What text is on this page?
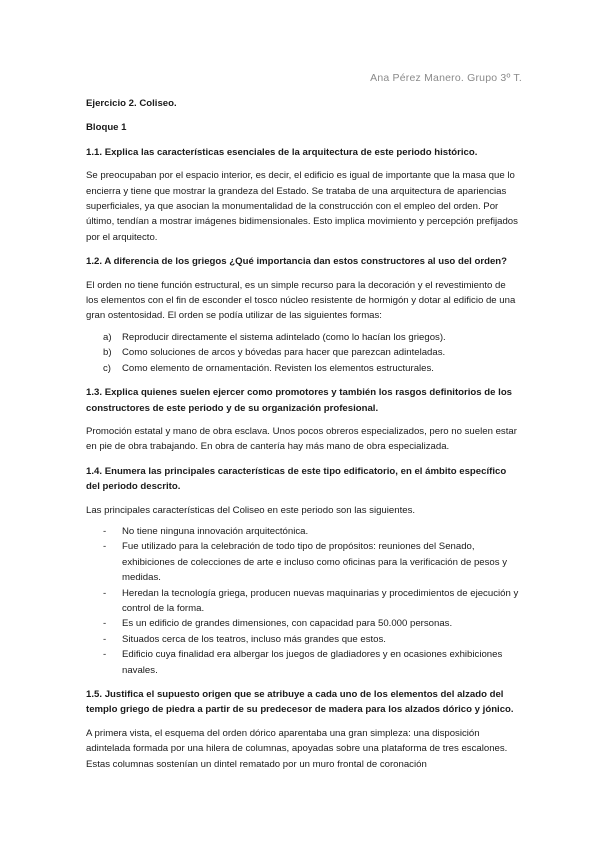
Ana Pérez Manero. Grupo 3º T.

Ejercicio 2. Coliseo.

Bloque 1

1.1. Explica las características esenciales de la arquitectura de este periodo histórico.

Se preocupaban por el espacio interior, es decir, el edificio es igual de importante que la masa que lo encierra y tiene que mostrar la grandeza del Estado. Se trataba de una arquitectura de apariencias superficiales, ya que asocian la monumentalidad de la construcción con el empleo del orden. Por último, tendían a mostrar imágenes bidimensionales. Esto implica movimiento y percepción prefijados por el arquitecto.

1.2. A diferencia de los griegos ¿Qué importancia dan estos constructores al uso del orden?

El orden no tiene función estructural, es un simple recurso para la decoración y el revestimiento de los elementos con el fin de esconder el tosco núcleo resistente de hormigón y dotar al edificio de una gran ostentosidad. El orden se podía utilizar de las siguientes formas:

a) Reproducir directamente el sistema adintelado (como lo hacían los griegos).
b) Como soluciones de arcos y bóvedas para hacer que parezcan adinteladas.
c) Como elemento de ornamentación. Revisten los elementos estructurales.

1.3. Explica quienes suelen ejercer como promotores y también los rasgos definitorios de los constructores de este periodo y de su organización profesional.

Promoción estatal y mano de obra esclava. Unos pocos obreros especializados, pero no suelen estar en pie de obra trabajando. En obra de cantería hay más mano de obra especializada.

1.4. Enumera las principales características de este tipo edificatorio, en el ámbito específico del periodo descrito.

Las principales características del Coliseo en este periodo son las siguientes.

- No tiene ninguna innovación arquitectónica.
- Fue utilizado para la celebración de todo tipo de propósitos: reuniones del Senado, exhibiciones de colecciones de arte e incluso como oficinas para la verificación de pesos y medidas.
- Heredan la tecnología griega, producen nuevas maquinarias y procedimientos de ejecución y control de la forma.
- Es un edificio de grandes dimensiones, con capacidad para 50.000 personas.
- Situados cerca de los teatros, incluso más grandes que estos.
- Edificio cuya finalidad era albergar los juegos de gladiadores y en ocasiones exhibiciones navales.

1.5. Justifica el supuesto origen que se atribuye a cada uno de los elementos del alzado del templo griego de piedra a partir de su predecesor de madera para los alzados dórico y jónico.

A primera vista, el esquema del orden dórico aparentaba una gran simpleza: una disposición adintelada formada por una hilera de columnas, apoyadas sobre una plataforma de tres escalones. Estas columnas sostenían un dintel rematado por un muro frontal de coronación
